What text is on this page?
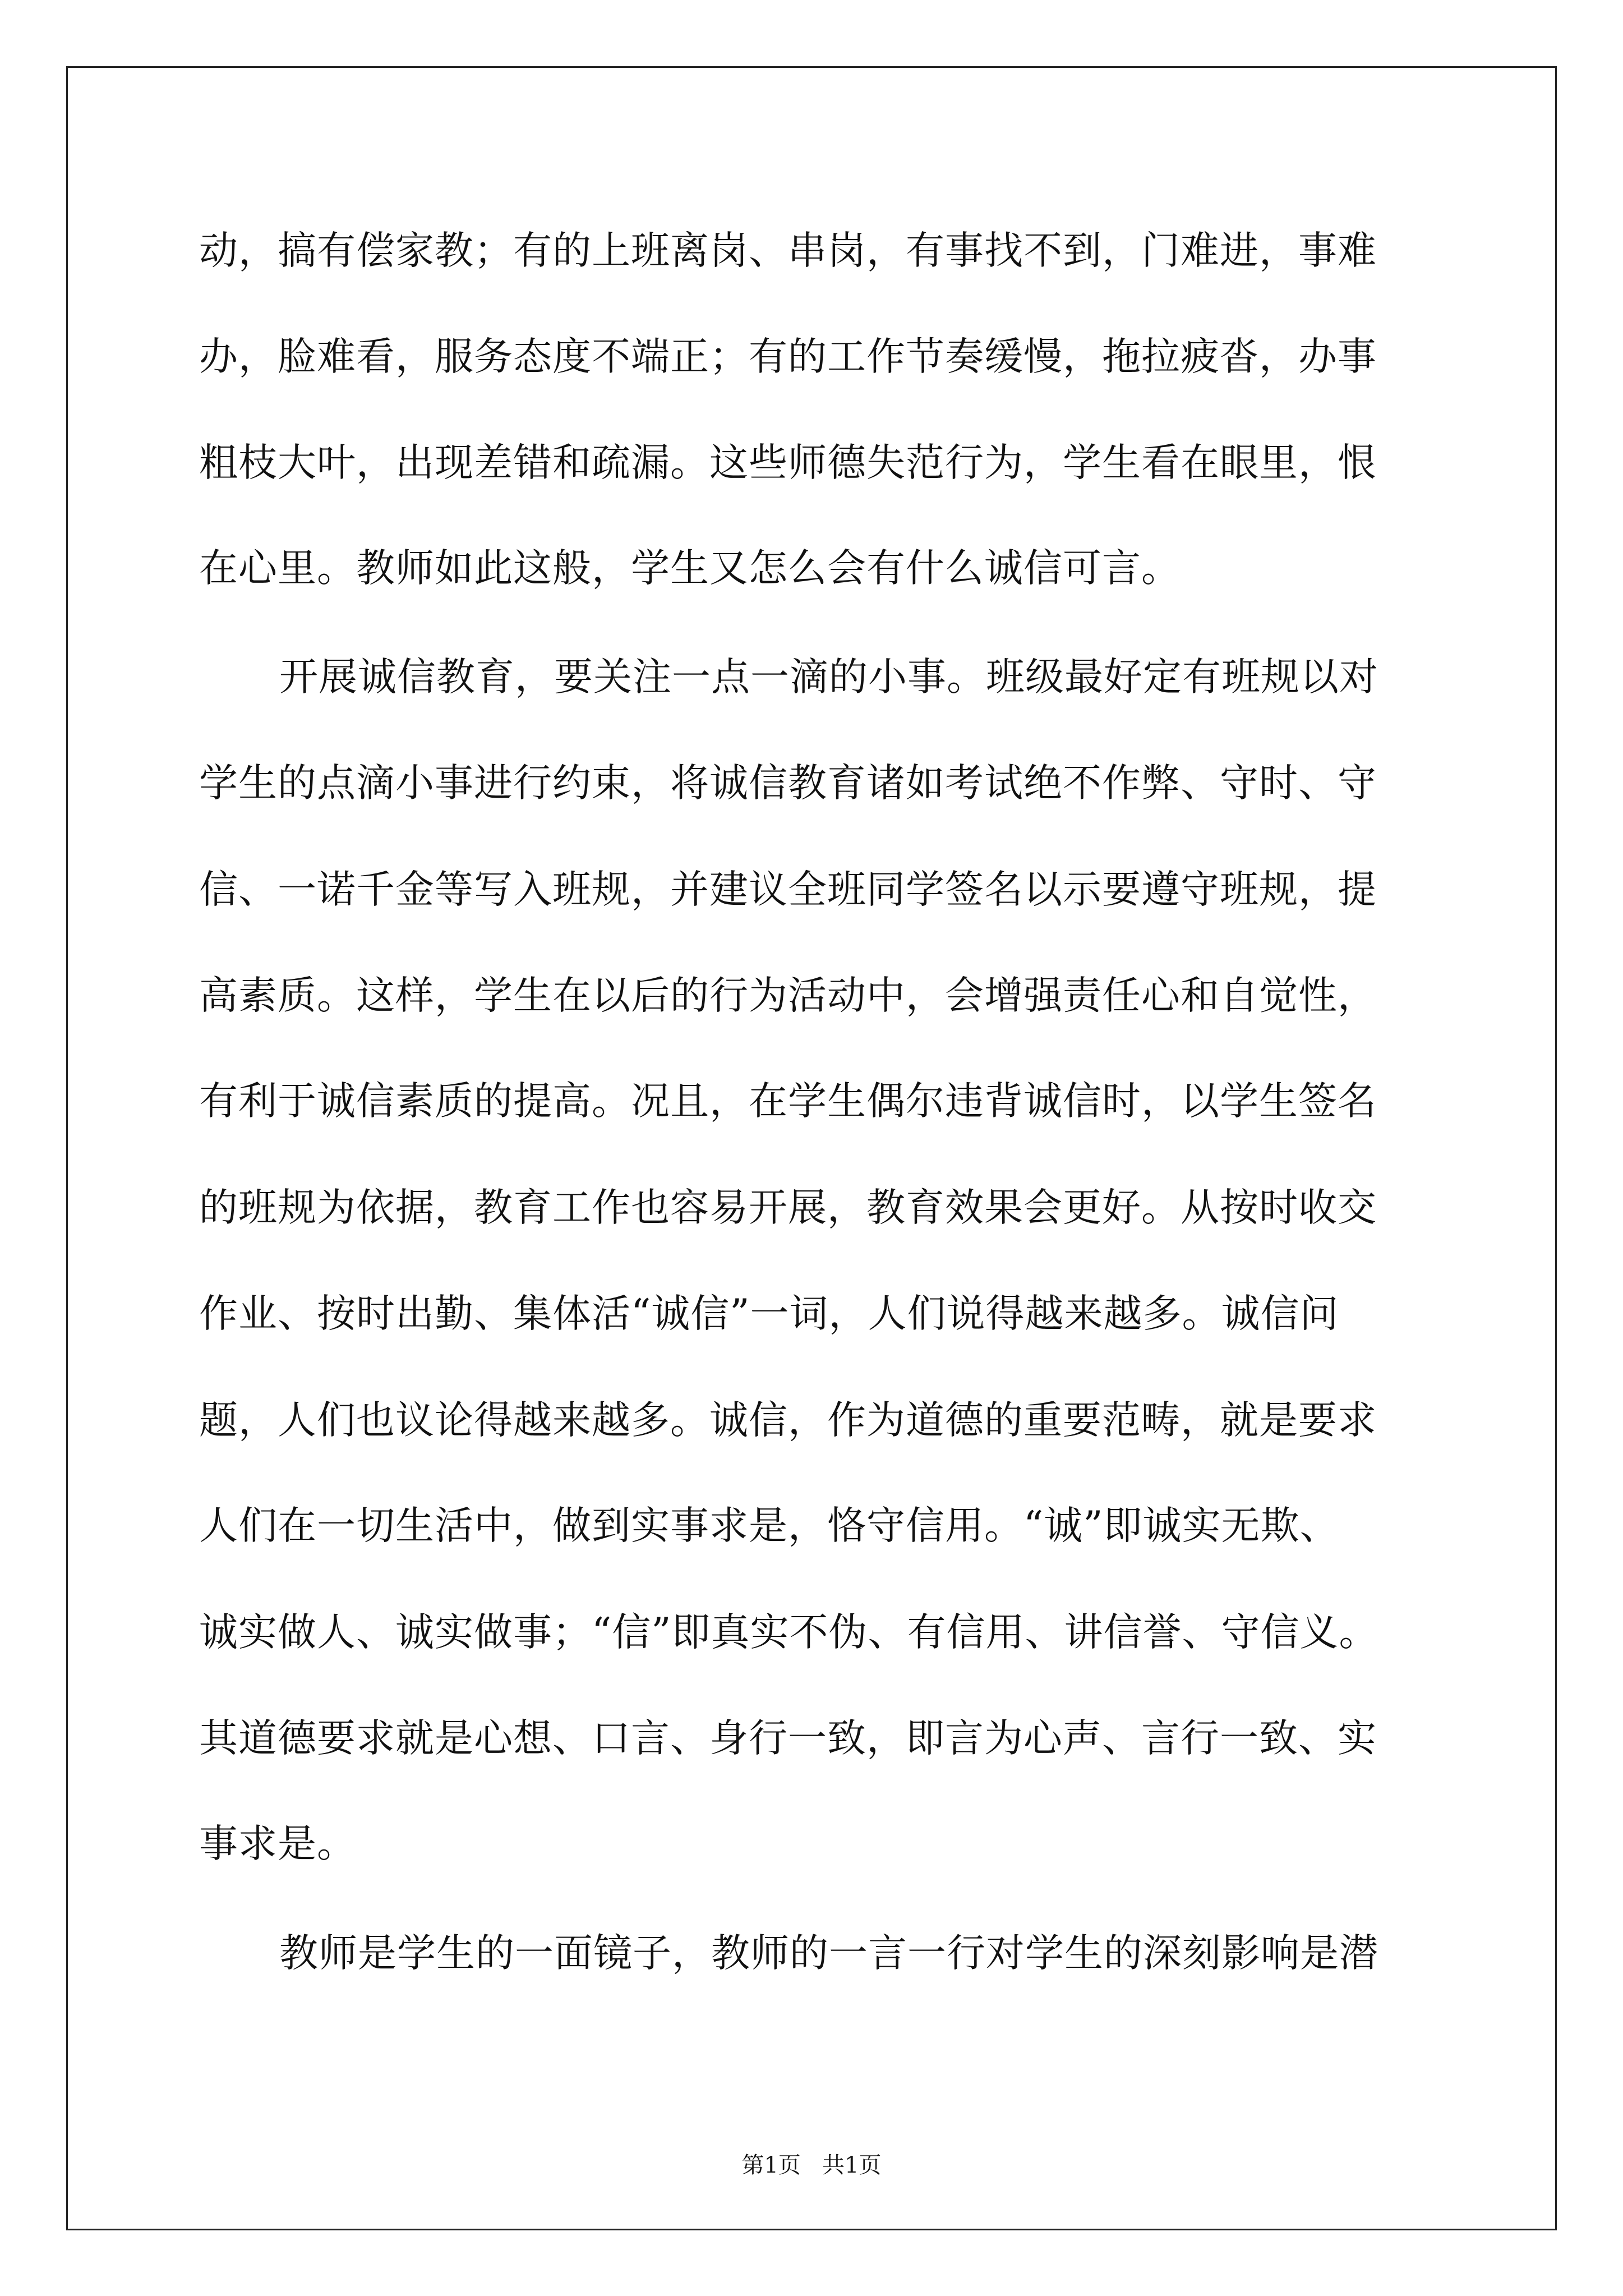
动，搞有偿家教；有的上班离岗、串岗，有事找不到，门难进，事难
办，脸难看，服务态度不端正；有的工作节奏缓慢，拖拉疲沓，办事
粗枝大叶，出现差错和疏漏。这些师德失范行为，学生看在眼里，恨
在心里。教师如此这般，学生又怎么会有什么诚信可言。
开展诚信教育，要关注一点一滴的小事。班级最好定有班规以对
学生的点滴小事进行约束，将诚信教育诸如考试绝不作弊、守时、守
信、一诺千金等写入班规，并建议全班同学签名以示要遵守班规，提
高素质。这样，学生在以后的行为活动中，会增强责任心和自觉性，
有利于诚信素质的提高。况且，在学生偶尔违背诚信时，以学生签名
的班规为依据，教育工作也容易开展，教育效果会更好。从按时收交
作业、按时出勤、集体活“诚信”一词，人们说得越来越多。诚信问
题，人们也议论得越来越多。诚信，作为道德的重要范畴，就是要求
人们在一切生活中，做到实事求是，恪守信用。“诚”即诚实无欺、
诚实做人、诚实做事；“信”即真实不伪、有信用、讲信誉、守信义。
其道德要求就是心想、口言、身行一致，即言为心声、言行一致、实
事求是。
教师是学生的一面镜子，教师的一言一行对学生的深刻影响是潜
第1页   共1页
